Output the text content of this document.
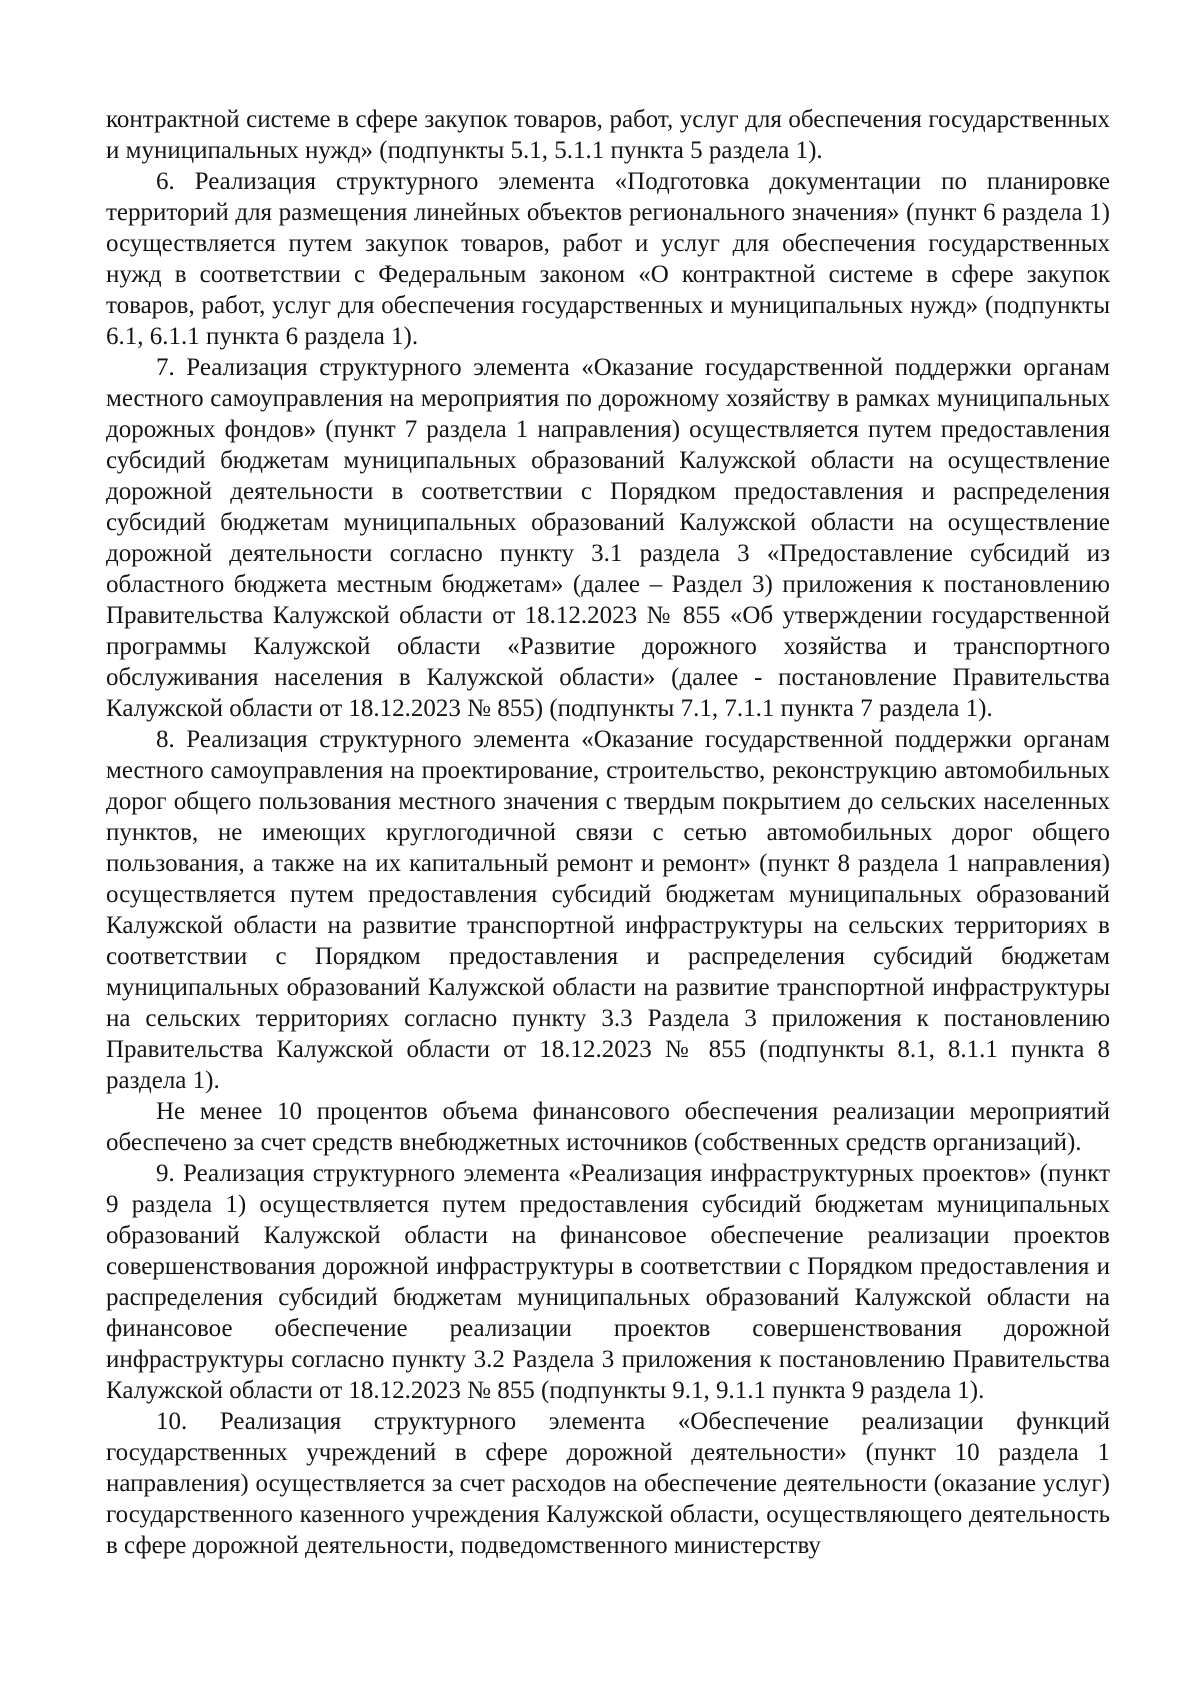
контрактной системе в сфере закупок товаров, работ, услуг для обеспечения государственных и муниципальных нужд» (подпункты 5.1, 5.1.1 пункта 5 раздела 1).

6. Реализация структурного элемента «Подготовка документации по планировке территорий для размещения линейных объектов регионального значения» (пункт 6 раздела 1) осуществляется путем закупок товаров, работ и услуг для обеспечения государственных нужд в соответствии с Федеральным законом «О контрактной системе в сфере закупок товаров, работ, услуг для обеспечения государственных и муниципальных нужд» (подпункты 6.1, 6.1.1 пункта 6 раздела 1).

7. Реализация структурного элемента «Оказание государственной поддержки органам местного самоуправления на мероприятия по дорожному хозяйству в рамках муниципальных дорожных фондов» (пункт 7 раздела 1 направления) осуществляется путем предоставления субсидий бюджетам муниципальных образований Калужской области на осуществление дорожной деятельности в соответствии с Порядком предоставления и распределения субсидий бюджетам муниципальных образований Калужской области на осуществление дорожной деятельности согласно пункту 3.1 раздела 3 «Предоставление субсидий из областного бюджета местным бюджетам» (далее – Раздел 3) приложения к постановлению Правительства Калужской области от 18.12.2023 № 855 «Об утверждении государственной программы Калужской области «Развитие дорожного хозяйства и транспортного обслуживания населения в Калужской области» (далее - постановление Правительства Калужской области от 18.12.2023 № 855) (подпункты 7.1, 7.1.1 пункта 7 раздела 1).

8. Реализация структурного элемента «Оказание государственной поддержки органам местного самоуправления на проектирование, строительство, реконструкцию автомобильных дорог общего пользования местного значения с твердым покрытием до сельских населенных пунктов, не имеющих круглогодичной связи с сетью автомобильных дорог общего пользования, а также на их капитальный ремонт и ремонт» (пункт 8 раздела 1 направления) осуществляется путем предоставления субсидий бюджетам муниципальных образований Калужской области на развитие транспортной инфраструктуры на сельских территориях в соответствии с Порядком предоставления и распределения субсидий бюджетам муниципальных образований Калужской области на развитие транспортной инфраструктуры на сельских территориях согласно пункту 3.3 Раздела 3 приложения к постановлению Правительства Калужской области от 18.12.2023 № 855 (подпункты 8.1, 8.1.1 пункта 8 раздела 1).

Не менее 10 процентов объема финансового обеспечения реализации мероприятий обеспечено за счет средств внебюджетных источников (собственных средств организаций).

9. Реализация структурного элемента «Реализация инфраструктурных проектов» (пункт 9 раздела 1) осуществляется путем предоставления субсидий бюджетам муниципальных образований Калужской области на финансовое обеспечение реализации проектов совершенствования дорожной инфраструктуры в соответствии с Порядком предоставления и распределения субсидий бюджетам муниципальных образований Калужской области на финансовое обеспечение реализации проектов совершенствования дорожной инфраструктуры согласно пункту 3.2 Раздела 3 приложения к постановлению Правительства Калужской области от 18.12.2023 № 855 (подпункты 9.1, 9.1.1 пункта 9 раздела 1).

10. Реализация структурного элемента «Обеспечение реализации функций государственных учреждений в сфере дорожной деятельности» (пункт 10 раздела 1 направления) осуществляется за счет расходов на обеспечение деятельности (оказание услуг) государственного казенного учреждения Калужской области, осуществляющего деятельность в сфере дорожной деятельности, подведомственного министерству
